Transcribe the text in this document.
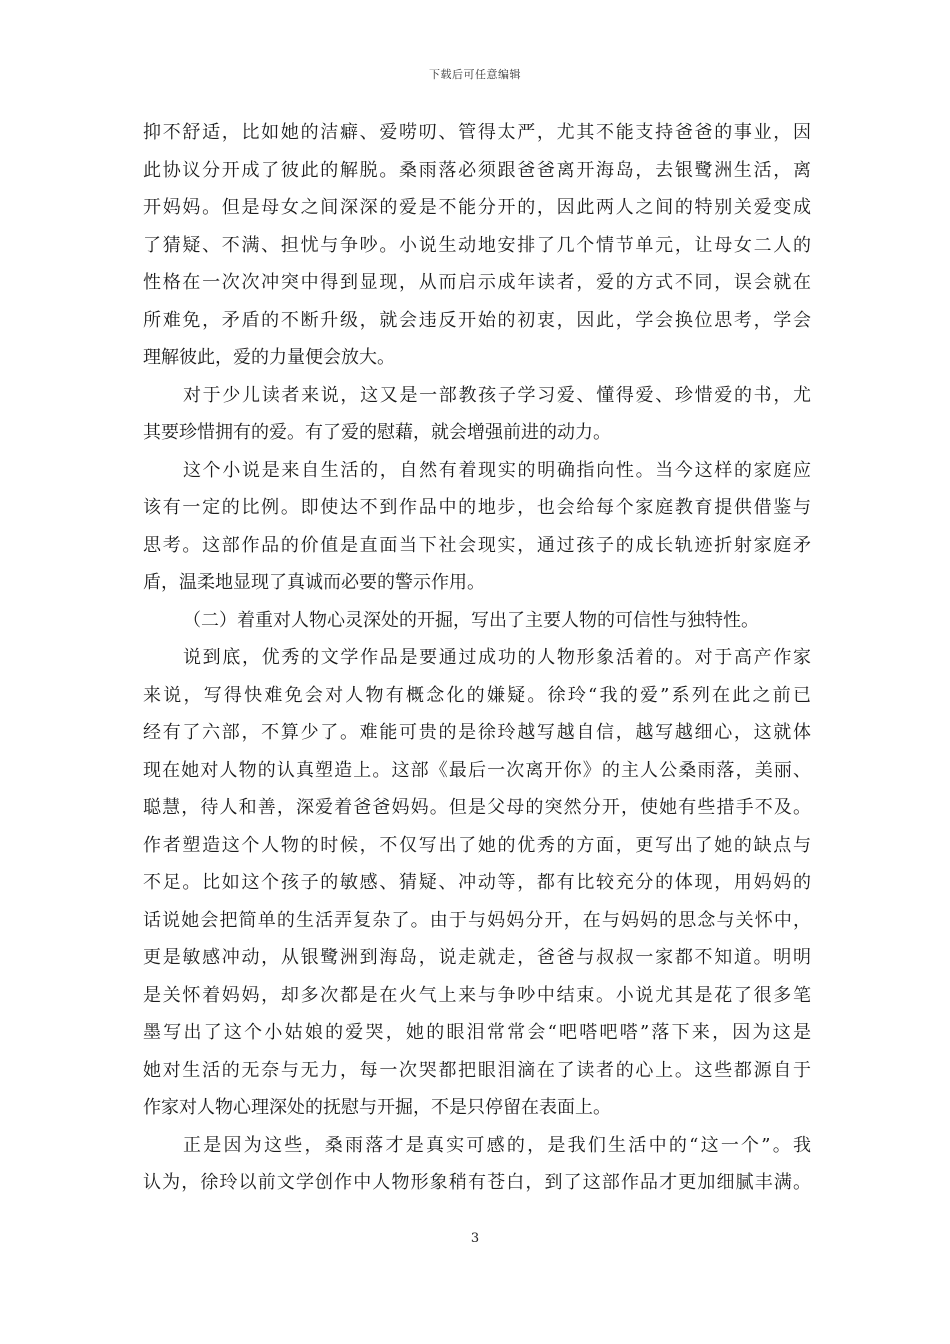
下载后可任意编辑
抑不舒适，比如她的洁癖、爱唠叨、管得太严，尤其不能支持爸爸的事业，因
此协议分开成了彼此的解脱。桑雨落必须跟爸爸离开海岛，去银鹭洲生活，离
开妈妈。但是母女之间深深的爱是不能分开的，因此两人之间的特别关爱变成
了猜疑、不满、担忧与争吵。小说生动地安排了几个情节单元，让母女二人的
性格在一次次冲突中得到显现，从而启示成年读者，爱的方式不同，误会就在
所难免，矛盾的不断升级，就会违反开始的初衷，因此，学会换位思考，学会
理解彼此，爱的力量便会放大。
对于少儿读者来说，这又是一部教孩子学习爱、懂得爱、珍惜爱的书，尤
其要珍惜拥有的爱。有了爱的慰藉，就会增强前进的动力。
这个小说是来自生活的，自然有着现实的明确指向性。当今这样的家庭应
该有一定的比例。即使达不到作品中的地步，也会给每个家庭教育提供借鉴与
思考。这部作品的价值是直面当下社会现实，通过孩子的成长轨迹折射家庭矛
盾，温柔地显现了真诚而必要的警示作用。
（二）着重对人物心灵深处的开掘，写出了主要人物的可信性与独特性。
说到底，优秀的文学作品是要通过成功的人物形象活着的。对于高产作家
来说，写得快难免会对人物有概念化的嫌疑。徐玲“我的爱”系列在此之前已
经有了六部，不算少了。难能可贵的是徐玲越写越自信，越写越细心，这就体
现在她对人物的认真塑造上。这部《最后一次离开你》的主人公桑雨落，美丽、
聪慧，待人和善，深爱着爸爸妈妈。但是父母的突然分开，使她有些措手不及。
作者塑造这个人物的时候，不仅写出了她的优秀的方面，更写出了她的缺点与
不足。比如这个孩子的敏感、猜疑、冲动等，都有比较充分的体现，用妈妈的
话说她会把简单的生活弄复杂了。由于与妈妈分开，在与妈妈的思念与关怀中，
更是敏感冲动，从银鹭洲到海岛，说走就走，爸爸与叔叔一家都不知道。明明
是关怀着妈妈，却多次都是在火气上来与争吵中结束。小说尤其是花了很多笔
墨写出了这个小姑娘的爱哭，她的眼泪常常会“吧嗒吧嗒”落下来，因为这是
她对生活的无奈与无力，每一次哭都把眼泪滴在了读者的心上。这些都源自于
作家对人物心理深处的抚慰与开掘，不是只停留在表面上。
正是因为这些，桑雨落才是真实可感的，是我们生活中的“这一个”。我
认为，徐玲以前文学创作中人物形象稍有苍白，到了这部作品才更加细腻丰满。
3
